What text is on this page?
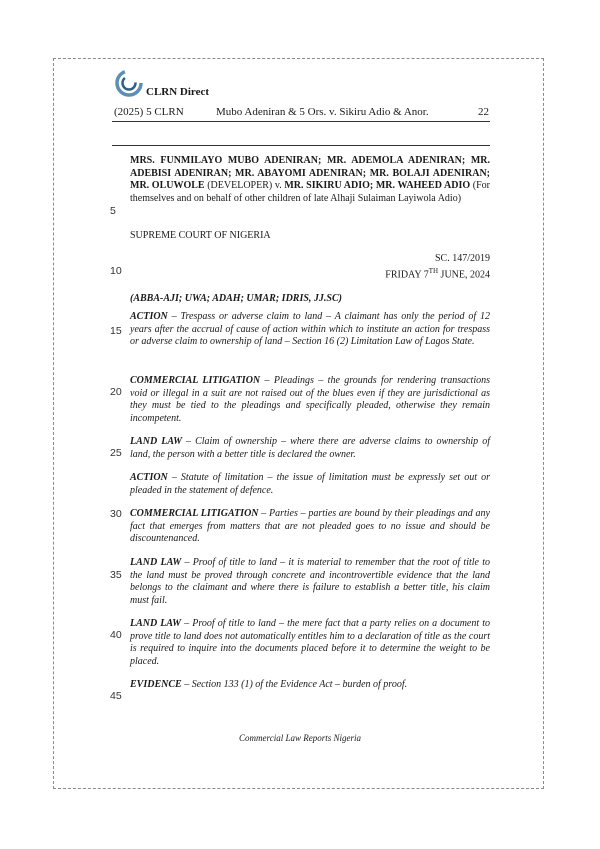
CLRN Direct
(2025) 5 CLRN	Mubo Adeniran & 5 Ors. v. Sikiru Adio & Anor.	22

MRS. FUNMILAYO MUBO ADENIRAN; MR. ADEMOLA ADENIRAN; MR. ADEBISI ADENIRAN; MR. ABAYOMI ADENIRAN; MR. BOLAJI ADENIRAN; MR. OLUWOLE (DEVELOPER) v. MR. SIKIRU ADIO; MR. WAHEED ADIO (For themselves and on behalf of other children of late Alhaji Sulaiman Layiwola Adio)

SUPREME COURT OF NIGERIA
SC. 147/2019
FRIDAY 7TH JUNE, 2024
(ABBA-AJI; UWA; ADAH; UMAR; IDRIS, JJ.SC)

ACTION – Trespass or adverse claim to land – A claimant has only the period of 12 years after the accrual of cause of action within which to institute an action for trespass or adverse claim to ownership of land – Section 16 (2) Limitation Law of Lagos State.

COMMERCIAL LITIGATION – Pleadings – the grounds for rendering transactions void or illegal in a suit are not raised out of the blues even if they are jurisdictional as they must be tied to the pleadings and specifically pleaded, otherwise they remain incompetent.

LAND LAW – Claim of ownership – where there are adverse claims to ownership of land, the person with a better title is declared the owner.

ACTION – Statute of limitation – the issue of limitation must be expressly set out or pleaded in the statement of defence.

COMMERCIAL LITIGATION – Parties – parties are bound by their pleadings and any fact that emerges from matters that are not pleaded goes to no issue and should be discountenanced.

LAND LAW – Proof of title to land – it is material to remember that the root of title to the land must be proved through concrete and incontrovertible evidence that the land belongs to the claimant and where there is failure to establish a better title, his claim must fail.

LAND LAW – Proof of title to land – the mere fact that a party relies on a document to prove title to land does not automatically entitles him to a declaration of title as the court is required to inquire into the documents placed before it to determine the weight to be placed.

EVIDENCE – Section 133 (1) of the Evidence Act – burden of proof.

5
10
15
20
25
30
35
40
45
Commercial Law Reports Nigeria
